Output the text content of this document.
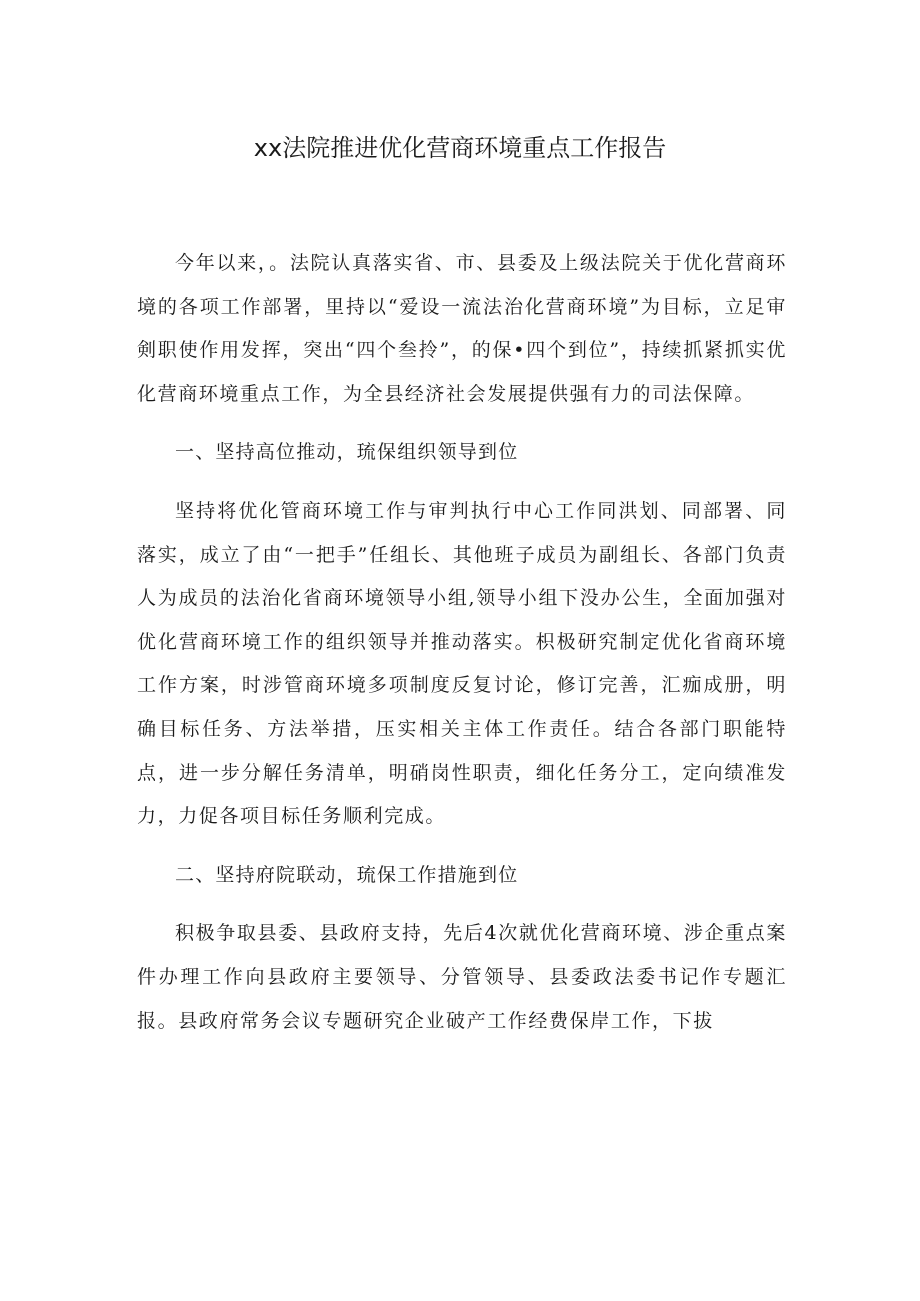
xx法院推进优化营商环境重点工作报告

今年以来，。法院认真落实省、市、县委及上级法院关于优化营商环境的各项工作部署，里持以“爱设一流法治化营商环境”为目标，立足审剣职使作用发挥，突出“四个叁拎”，的保•四个到位”，持续抓紧抓实优化营商环境重点工作，为全县经济社会发展提供强有力的司法保障。

一、坚持高位推动，琉保组织领导到位

坚持将优化管商环境工作与审判执行中心工作同洪划、同部署、同落实，成立了由“一把手”任组长、其他班子成员为副组长、各部门负责人为成员的法治化省商环境领导小组,领导小组下没办公生，全面加强对优化营商环境工作的组织领导并推动落实。枳极研究制定优化省商环境工作方案，时涉管商环境多项制度反复讨论，修订完善，汇痂成册，明确目标任务、方法举措，压实相关主体工作责任。结合各部门职能特点，进一步分解任务清单，明硝岗性职责，细化任务分工，定向绩准发力，力促各项目标任务顺利完成。

二、坚持府院联动，琉保工作措施到位

积极争取县委、县政府支持，先后4次就优化营商环境、涉企重点案件办理工作向县政府主要领导、分管领导、县委政法委书记作专题汇报。县政府常务会议专题研究企业破产工作经费保岸工作，下拔
